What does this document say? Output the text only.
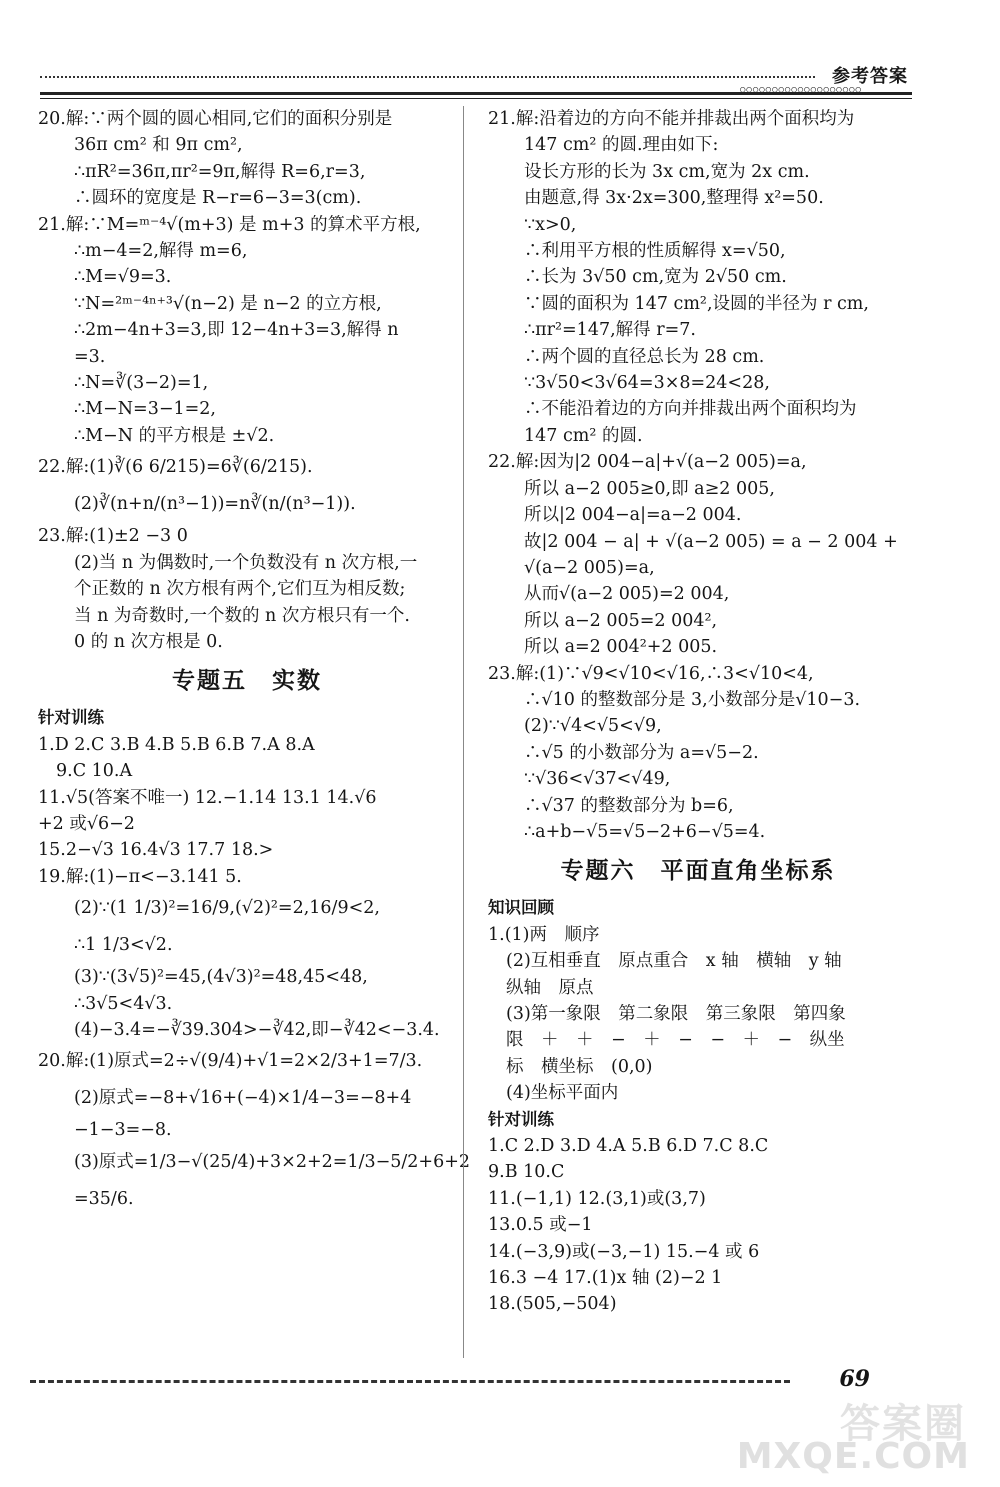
参考答案
○○○○○○○○○○○○○○○○○○○
20.解:∵两个圆的圆心相同,它们的面积分别是
36π cm² 和 9π cm²,
∴πR²=36π,πr²=9π,解得 R=6,r=3,
∴圆环的宽度是 R−r=6−3=3(cm).
21.解:∵M=ᵐ⁻⁴√(m+3) 是 m+3 的算术平方根,
∴m−4=2,解得 m=6,
∴M=√9=3.
∵N=²ᵐ⁻⁴ⁿ⁺³√(n−2) 是 n−2 的立方根,
∴2m−4n+3=3,即 12−4n+3=3,解得 n
=3.
∴N=∛(3−2)=1,
∴M−N=3−1=2,
∴M−N 的平方根是 ±√2.
22.解:(1)∛(6 6/215)=6∛(6/215).
(2)∛(n+n/(n³−1))=n∛(n/(n³−1)).
23.解:(1)±2 −3 0
(2)当 n 为偶数时,一个负数没有 n 次方根,一
个正数的 n 次方根有两个,它们互为相反数;
当 n 为奇数时,一个数的 n 次方根只有一个.
0 的 n 次方根是 0.
专题五　实数
针对训练
1.D 2.C 3.B 4.B 5.B 6.B 7.A 8.A
9.C 10.A
11.√5(答案不唯一) 12.−1.14 13.1 14.√6
+2 或√6−2
15.2−√3 16.4√3 17.7 18.>
19.解:(1)−π<−3.141 5.
(2)∵(1 1/3)²=16/9,(√2)²=2,16/9<2,
∴1 1/3<√2.
(3)∵(3√5)²=45,(4√3)²=48,45<48,
∴3√5<4√3.
(4)−3.4=−∛39.304>−∛42,即−∛42<−3.4.
20.解:(1)原式=2÷√(9/4)+√1=2×2/3+1=7/3.
(2)原式=−8+√16+(−4)×1/4−3=−8+4
−1−3=−8.
(3)原式=1/3−√(25/4)+3×2+2=1/3−5/2+6+2
=35/6.
21.解:沿着边的方向不能并排裁出两个面积均为
147 cm² 的圆.理由如下:
设长方形的长为 3x cm,宽为 2x cm.
由题意,得 3x·2x=300,整理得 x²=50.
∵x>0,
∴利用平方根的性质解得 x=√50,
∴长为 3√50 cm,宽为 2√50 cm.
∵圆的面积为 147 cm²,设圆的半径为 r cm,
∴πr²=147,解得 r=7.
∴两个圆的直径总长为 28 cm.
∵3√50<3√64=3×8=24<28,
∴不能沿着边的方向并排裁出两个面积均为
147 cm² 的圆.
22.解:因为|2 004−a|+√(a−2 005)=a,
所以 a−2 005≥0,即 a≥2 005,
所以|2 004−a|=a−2 004.
故|2 004 − a| + √(a−2 005) = a − 2 004 +
√(a−2 005)=a,
从而√(a−2 005)=2 004,
所以 a−2 005=2 004²,
所以 a=2 004²+2 005.
23.解:(1)∵√9<√10<√16,∴3<√10<4,
∴√10 的整数部分是 3,小数部分是√10−3.
(2)∵√4<√5<√9,
∴√5 的小数部分为 a=√5−2.
∵√36<√37<√49,
∴√37 的整数部分为 b=6,
∴a+b−√5=√5−2+6−√5=4.
专题六　平面直角坐标系
知识回顾
1.(1)两　顺序
(2)互相垂直　原点重合　x 轴　横轴　y 轴
纵轴　原点
(3)第一象限　第二象限　第三象限　第四象
限　＋　＋　−　＋　−　−　＋　−　纵坐
标　横坐标　(0,0)
(4)坐标平面内
针对训练
1.C 2.D 3.D 4.A 5.B 6.D 7.C 8.C
9.B 10.C
11.(−1,1) 12.(3,1)或(3,7)
13.0.5 或−1
14.(−3,9)或(−3,−1) 15.−4 或 6
16.3 −4 17.(1)x 轴 (2)−2 1
18.(505,−504)
69
答案圈
MXQE.COM
